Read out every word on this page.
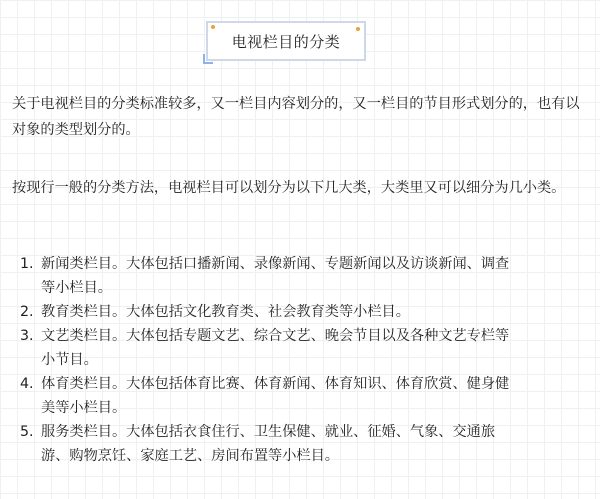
电视栏目的分类

关于电视栏目的分类标准较多，又一栏目内容划分的，又一栏目的节目形式划分的，也有以对象的类型划分的。

按现行一般的分类方法，电视栏目可以划分为以下几大类，大类里又可以细分为几小类。

1. 新闻类栏目。大体包括口播新闻、录像新闻、专题新闻以及访谈新闻、调查
等小栏目。
2. 教育类栏目。大体包括文化教育类、社会教育类等小栏目。
3. 文艺类栏目。大体包括专题文艺、综合文艺、晚会节目以及各种文艺专栏等
小节目。
4. 体育类栏目。大体包括体育比赛、体育新闻、体育知识、体育欣赏、健身健
美等小栏目。
5. 服务类栏目。大体包括衣食住行、卫生保健、就业、征婚、气象、交通旅
游、购物烹饪、家庭工艺、房间布置等小栏目。
